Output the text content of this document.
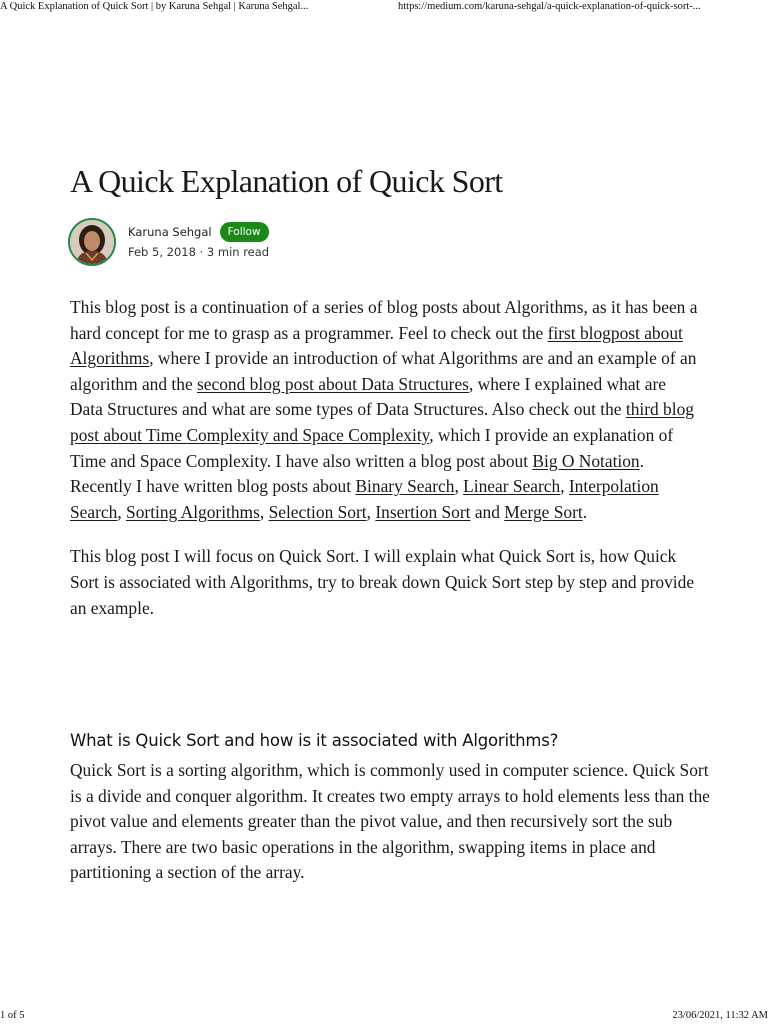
A Quick Explanation of Quick Sort | by Karuna Sehgal | Karuna Sehgal...	https://medium.com/karuna-sehgal/a-quick-explanation-of-quick-sort-...
A Quick Explanation of Quick Sort
Karuna Sehgal	Follow
Feb 5, 2018 · 3 min read

This blog post is a continuation of a series of blog posts about Algorithms, as it has been a hard concept for me to grasp as a programmer. Feel to check out the first blogpost about Algorithms, where I provide an introduction of what Algorithms are and an example of an algorithm and the second blog post about Data Structures, where I explained what are Data Structures and what are some types of Data Structures. Also check out the third blog post about Time Complexity and Space Complexity, which I provide an explanation of Time and Space Complexity. I have also written a blog post about Big O Notation. Recently I have written blog posts about Binary Search, Linear Search, Interpolation Search, Sorting Algorithms, Selection Sort, Insertion Sort and Merge Sort.

This blog post I will focus on Quick Sort. I will explain what Quick Sort is, how Quick Sort is associated with Algorithms, try to break down Quick Sort step by step and provide an example.

What is Quick Sort and how is it associated with Algorithms?

Quick Sort is a sorting algorithm, which is commonly used in computer science. Quick Sort is a divide and conquer algorithm. It creates two empty arrays to hold elements less than the pivot value and elements greater than the pivot value, and then recursively sort the sub arrays. There are two basic operations in the algorithm, swapping items in place and partitioning a section of the array.

1 of 5	23/06/2021, 11:32 AM
